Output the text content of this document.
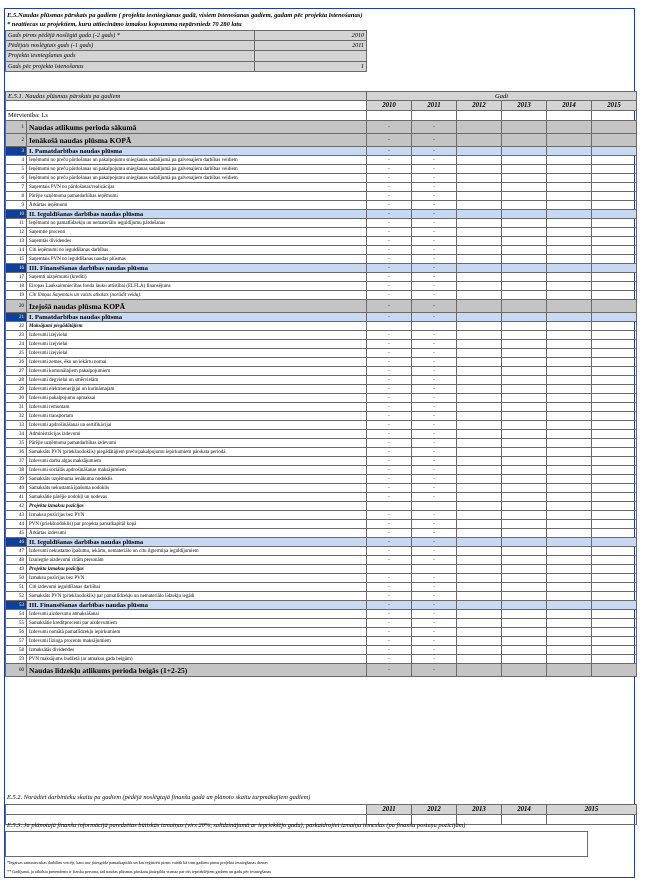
E.5.Naudas plūsmas pārskats pa gadiem ( projekta iesniegšanas gadā, visiem īstenošanas gadiem, gadam pēc projekta īstenošanas)
* neattiecas uz projektiem, kuru attiecināmo izmaksu kopsumma nepārsniedz 70 280 latu
Gads pirms pēdējā noslēgtā gada (-2 gads) *	2010
Pēdējais noslēgtais gads (-1 gads)	2011
Projekta iesniegšanas gads	
Gads pēc projekta īstenošanas	1
E.5.1. Naudas plūsmas pārskats pa gadiem		Gadi					
		2010	2011	2012	2013	2014	2015
Mērvienība: Ls							
1	Naudas atlikums perioda sākumā	-	-				
2	Ienākošā naudas plūsma KOPĀ	-	-				
3	I. Pamatdarbības naudas plūsma	-	-				
4	Ieņēmumi no preču pārdošanas un pakalpojumu sniegšanas sadalījumā pa galvenajiem darbības veidiem	-	-				
5	Ieņēmumi no preču pārdošanas un pakalpojumu sniegšanas sadalījumā pa galvenajiem darbības veidiem	-	-				
6	Ieņēmumi no preču pārdošanas un pakalpojumu sniegšanas sadalījumā pa galvenajiem darbības veidiem	-	-				
7	Saņemtais PVN no pārdošanas/realizācijas	-	-				
8	Pārējie uzņēmuma pamatdarbības ieņēmumi	-	-				
9	Ārkārtas ieņēmumi	-	-				
10	II. Ieguldīšanas darbības naudas plūsma	-	-				
11	Ieņēmumi no pamatlīdzekļu un nemateriālo ieguldījumu pārdošanas	-	-				
12	Saņemtie procenti	-	-				
13	Saņemtās dividendes	-	-				
14	Citi ieņēmumi no ieguldīšanas darbības	-	-				
15	Saņemtais PVN no ieguldīšanas naudas plūsmas	-	-				
16	III. Finansēšanas darbības naudas plūsma	-	-				
17	Saņemti aizņēmumi (kredīti)	-	-				
18	Eiropas Lauksaimniecības fonda lauku attīstībai (ELFLA) finansējums	-	-				
19	Citi līmņas Saņemtais un valsts atbalsts (norādīt veidu):	-	-				
20	Izejošā naudas plūsma KOPĀ	-	-				
21	I. Pamatdarbības naudas plūsma	-	-				
22	Maksājumi piegādātājiem						
23	Izdevumi izejvielai	-	-				
24	Izdevumi izejvielai	-	-				
25	Izdevumi izejvielai	-	-				
26	Izdevumi zemes, ēku un iekārtu nomai	-	-				
27	Izdevumi komunālajiem pakalpojumiem	-	-				
28	Izdevumi degvielai un smērvielām	-	-				
29	Izdevumi elektroenerģijai un kurināmajam	-	-				
30	Izdevumi pakalpojumu apmaksai	-	-				
31	Izdevumi remontam	-	-				
32	Izdevumi transportam	-	-				
33	Izdevumi apdrošināšanai un sertifikācijai	-	-				
34	Administrācijas izdevumi	-	-				
35	Pārējie uzņēmuma pamatdarbības izdevumi	-	-				
36	Samaksāts PVN (priekšnodoklis) piegādātājiem preču/pakalpojumu iepirkumiem pārskata periodā	-	-				
37	Izdevumi darba algas maksājumiem	-	-				
38	Izdevumi sociālās apdrošināšanas maksājumiem	-	-				
39	Samaksāts uzņēmuma ienākuma nodoklis	-	-				
40	Samaksāts nekustamā īpašuma nodoklis	-	-				
41	Samaksātie pārējie nodokļi un nodevas	-	-				
42	Projekta izmaksu pozīcijas						
43	Izmaksu pozīcijas bez PVN	-	-				
44	PVN (priekšnodoklis) par projekta pamatkapitāl kopā	-	-				
45	Ārkārtas izdevumi	-	-				
46	II. Ieguldīšanas darbības naudas plūsma	-	-				
47	Izdevumi nekustamo īpašumu, iekārtu, nemateriālo un citu ilgtermiņa ieguldījumiem	-	-				
48	Izsniegtie aizdevumi citām personām	-	-				
49	Projekta izmaksu pozīcijas						
50	Izmaksu pozīcijas bez PVN	-	-				
51	Citi izdevumi ieguldīšanas darbībai	-	-				
52	Samaksāts PVN (priekšnodoklis) par pamatlīdzekļu un nemateriālo līdzekļu iegādi	-	-				
53	III. Finansēšanas darbības naudas plūsma	-	-				
54	Izdevumi aizdevumu atmaksāšanai	-	-				
55	Samaksātie kredītprocenti par aizdevumiem	-	-				
56	Izdevumi nomātā pamatlīdzekļu iepirkumiem	-	-				
57	Izdevumi līzinga procentu maksājumiem	-	-				
58	Izmaksātās dividendes	-	-				
59	PVN maksājums budžetā (ar atmaksu gada beigām)	-	-				
60	Naudas līdzekļu atlikums perioda beigās (1+2-25)	-	-				
E.5.2. Norādiet darbinieku skaitu pa gadiem (pēdējā noslēgtajā finanšu gadā un plānoto skaitu turpmākajiem gadiem)
	2011	2012	2013	2014	2015

E.5.3. Ja plānotajā finanšu informācijā paredzētas būtiskās izmaiņas (virs 20%, salīdzinājumā ar iepriekšējo gadu), paskaidrojiet izmaiņu iemeslus (pa finanšu posteņu pozīcijām)
*Iegaisas saimnieciskas darbības veicēji, kam nav jāiesgrīdz pamatkapitāls un kas reģistrēti pirms vairāk kā trim gadiem pirms projekta iesniegšanas dienas
** Gadījumā, ja atbalsta pretendents ir fiziska persona, tad naudas plūsmas pārskatu jāaizpilda vismaz par trīs iepriekšējiem gadiem un gadu pēc iesniegšanas
